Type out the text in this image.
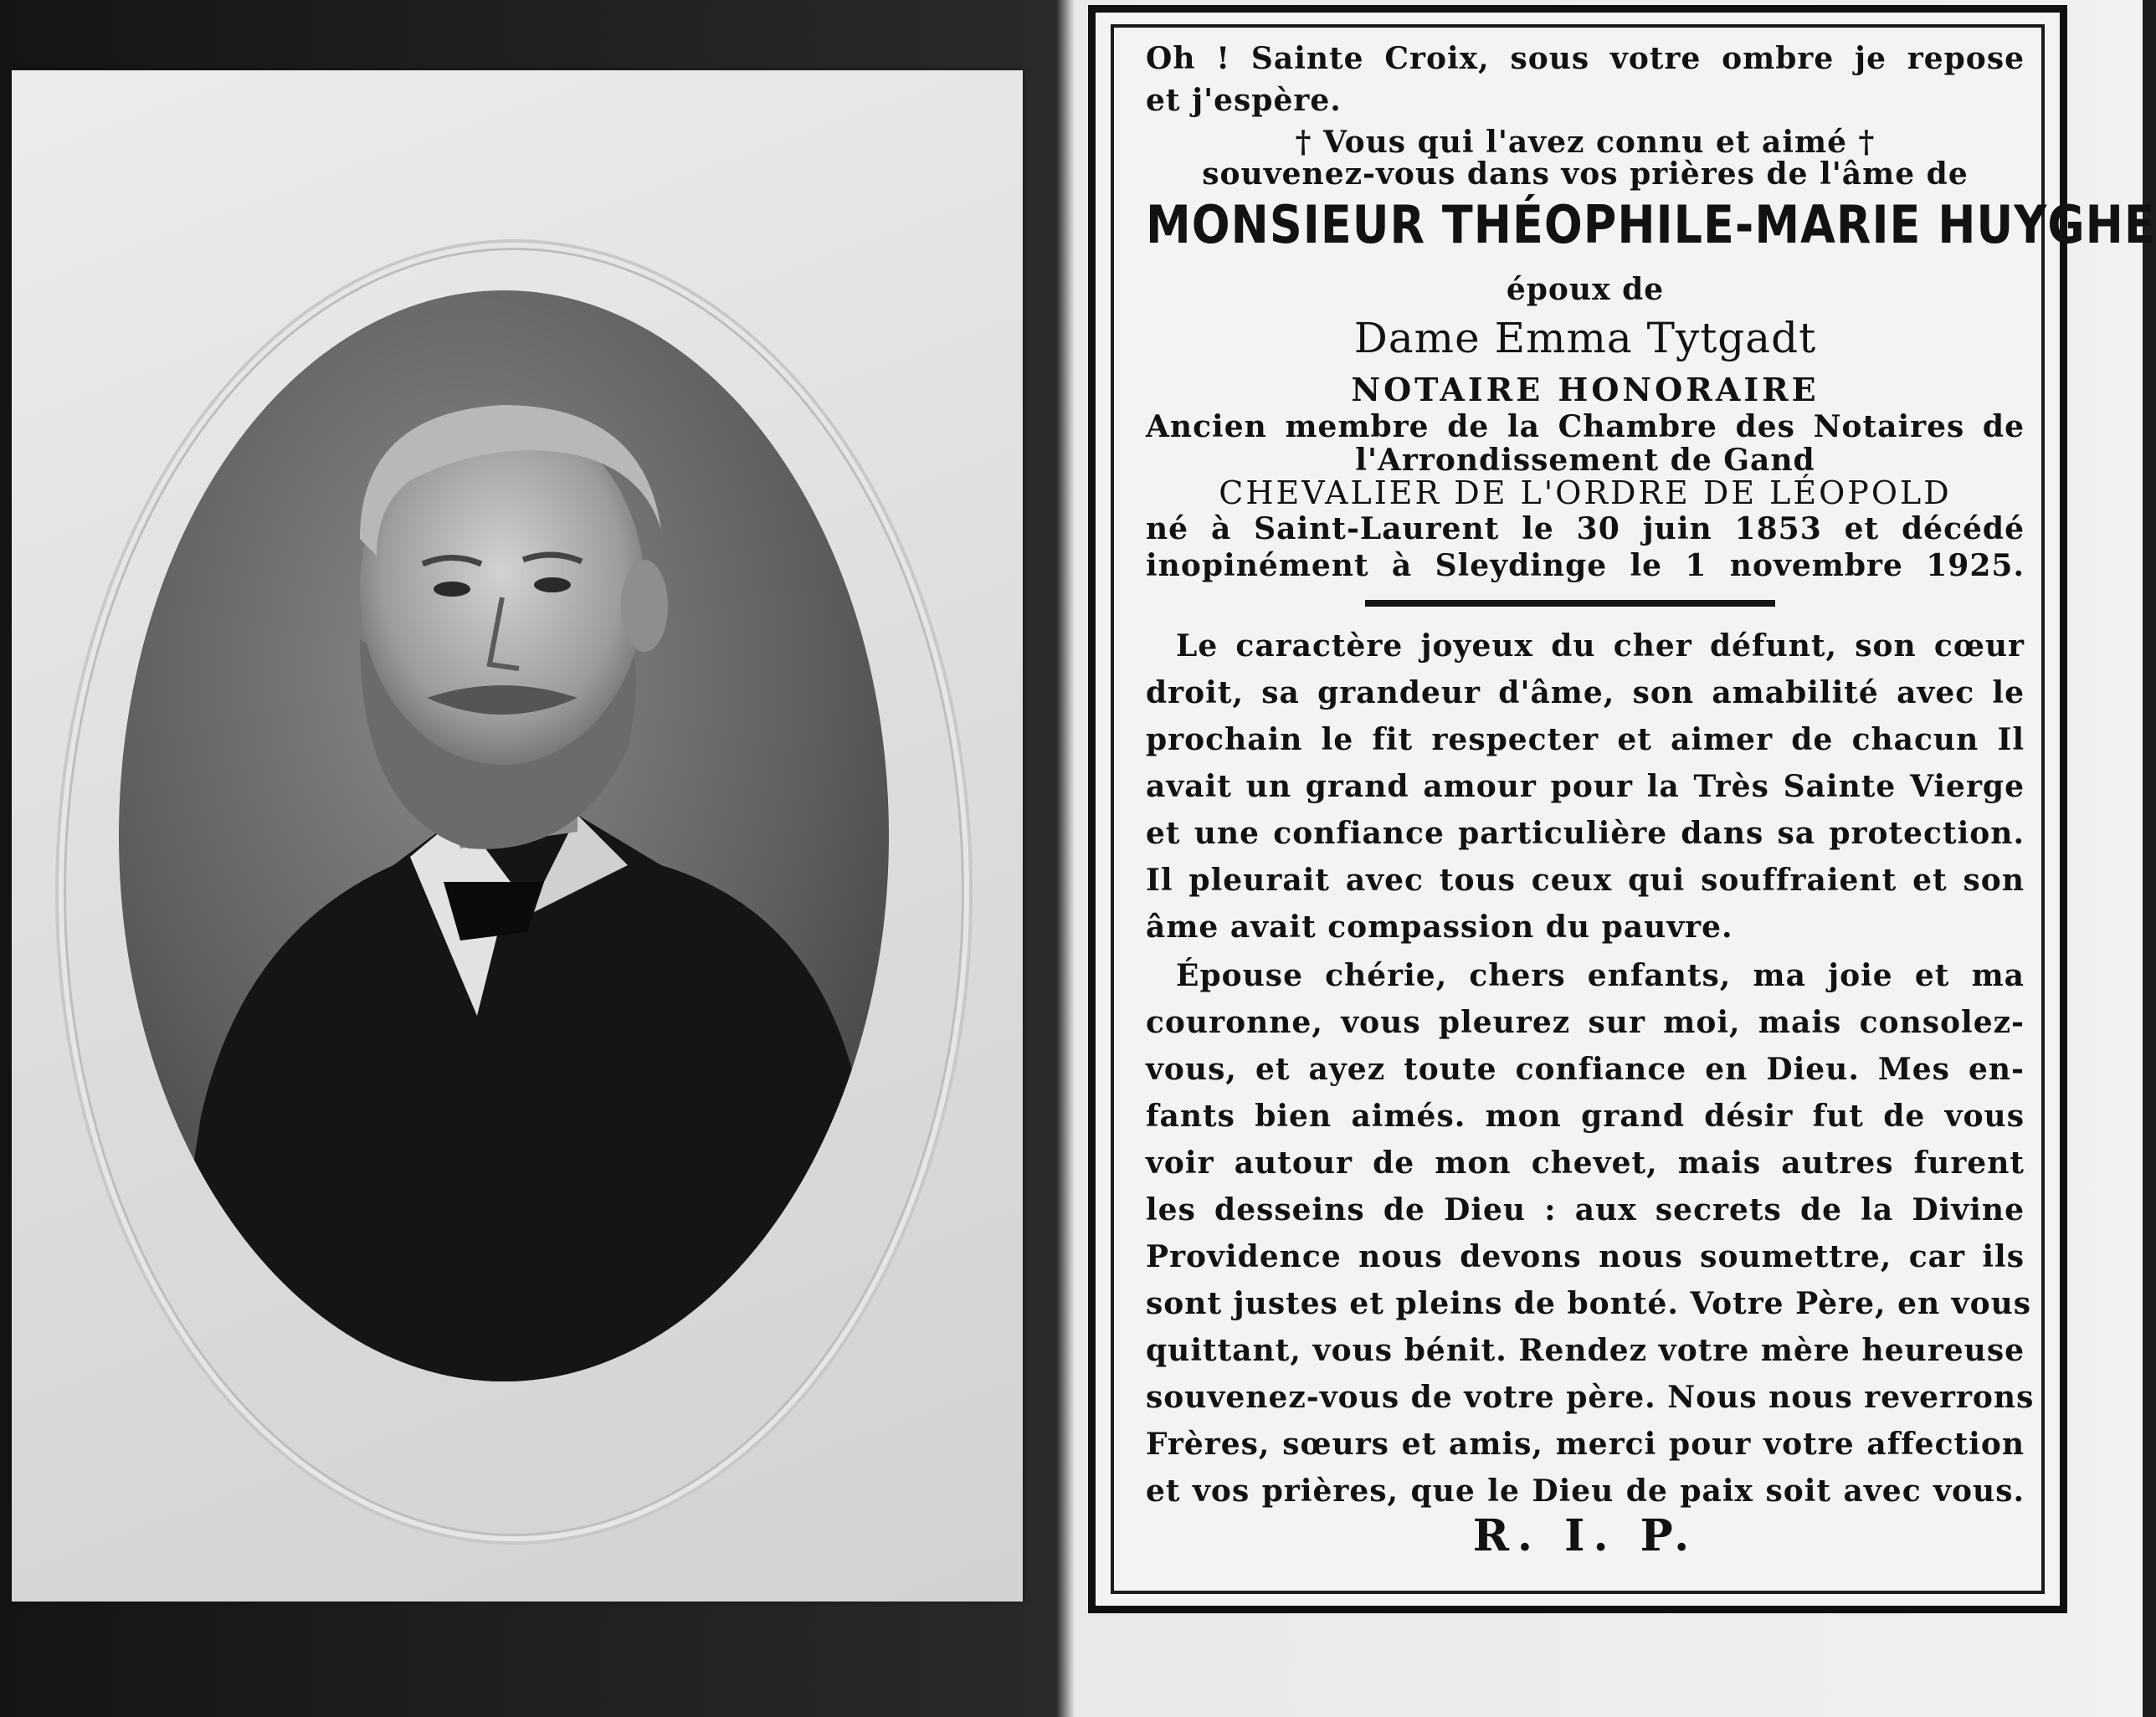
Oh ! Sainte Croix, sous votre ombre je repose
et j'espère.
† Vous qui l'avez connu et aimé †
souvenez-vous dans vos prières de l'âme de
MONSIEUR THÉOPHILE-MARIE HUYGHE
époux de
Dame Emma Tytgadt
NOTAIRE HONORAIRE
Ancien membre de la Chambre des Notaires de
l'Arrondissement de Gand
CHEVALIER DE L'ORDRE DE LÉOPOLD
né à Saint-Laurent le 30 juin 1853 et décédé
inopinément à Sleydinge le 1 novembre 1925.
Le caractère joyeux du cher défunt, son cœur
droit, sa grandeur d'âme, son amabilité avec le
prochain le fit respecter et aimer de chacun Il
avait un grand amour pour la Très Sainte Vierge
et une confiance particulière dans sa protection.
Il pleurait avec tous ceux qui souffraient et son
âme avait compassion du pauvre.
Épouse chérie, chers enfants, ma joie et ma
couronne, vous pleurez sur moi, mais consolez-
vous, et ayez toute confiance en Dieu. Mes en-
fants bien aimés. mon grand désir fut de vous
voir autour de mon chevet, mais autres furent
les desseins de Dieu : aux secrets de la Divine
Providence nous devons nous soumettre, car ils
sont justes et pleins de bonté. Votre Père, en vous
quittant, vous bénit. Rendez votre mère heureuse
souvenez-vous de votre père. Nous nous reverrons
Frères, sœurs et amis, merci pour votre affection
et vos prières, que le Dieu de paix soit avec vous.
R. I. P.
